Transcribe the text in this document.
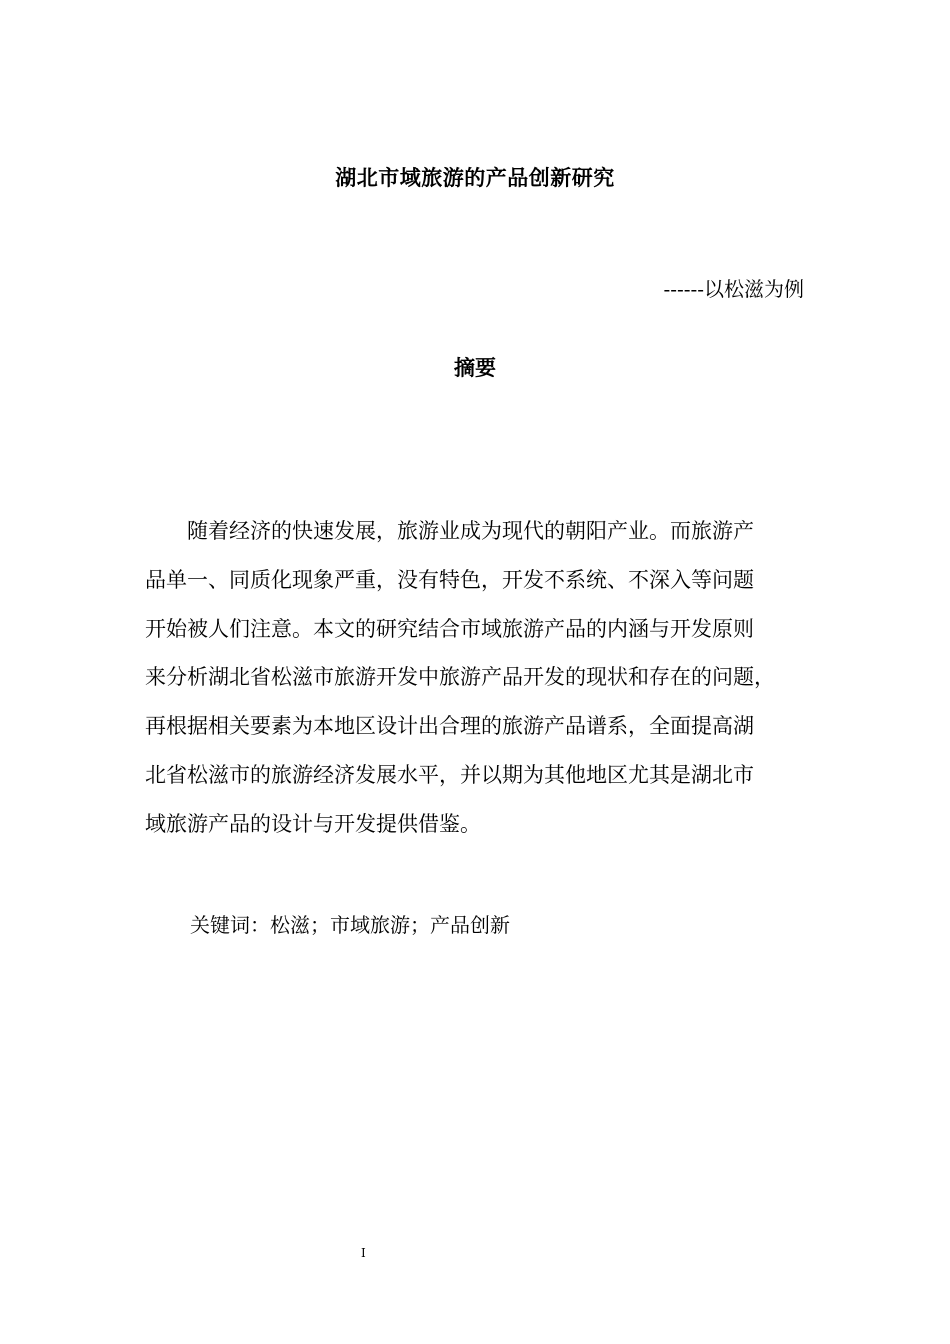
湖北市域旅游的产品创新研究
------以松滋为例
摘要
　　随着经济的快速发展，旅游业成为现代的朝阳产业。而旅游产
品单一、同质化现象严重，没有特色，开发不系统、不深入等问题
开始被人们注意。本文的研究结合市域旅游产品的内涵与开发原则
来分析湖北省松滋市旅游开发中旅游产品开发的现状和存在的问题，
再根据相关要素为本地区设计出合理的旅游产品谱系，全面提高湖
北省松滋市的旅游经济发展水平，并以期为其他地区尤其是湖北市
域旅游产品的设计与开发提供借鉴。
关键词：松滋；市域旅游；产品创新
I
